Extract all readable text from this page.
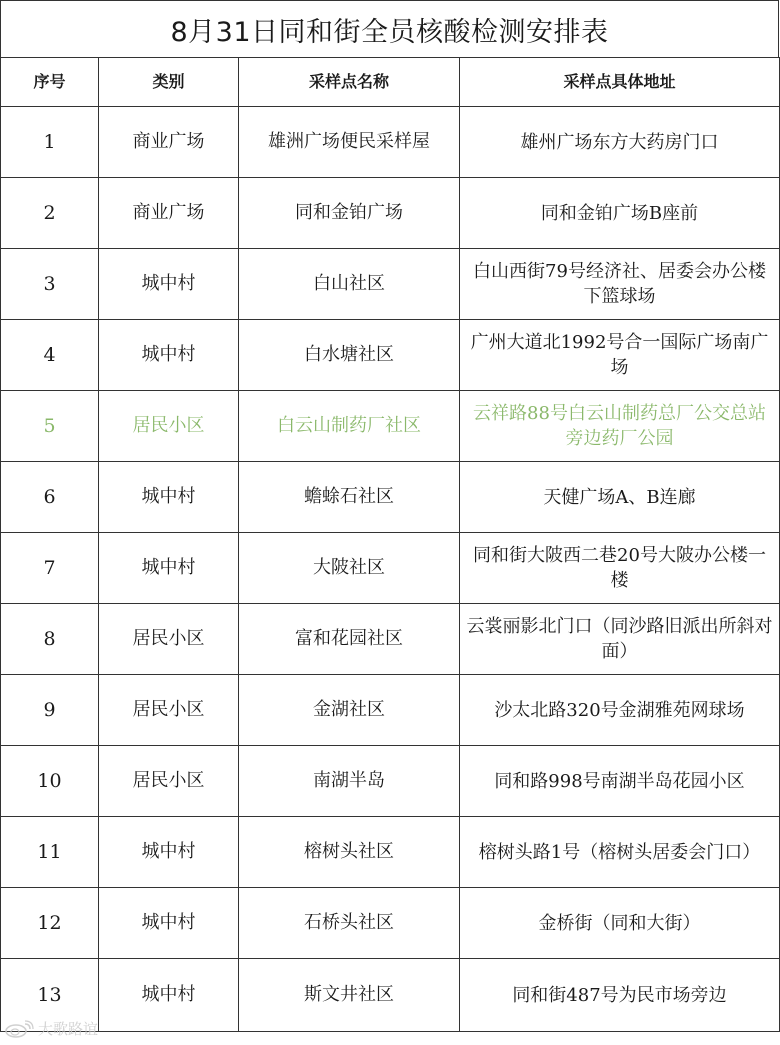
8月31日同和街全员核酸检测安排表
序号	类别	采样点名称	采样点具体地址
1	商业广场	雄洲广场便民采样屋	雄州广场东方大药房门口
2	商业广场	同和金铂广场	同和金铂广场B座前
3	城中村	白山社区	白山西街79号经济社、居委会办公楼下篮球场
4	城中村	白水塘社区	广州大道北1992号合一国际广场南广场
5	居民小区	白云山制药厂社区	云祥路88号白云山制药总厂公交总站旁边药厂公园
6	城中村	蟾蜍石社区	天健广场A、B连廊
7	城中村	大陂社区	同和街大陂西二巷20号大陂办公楼一楼
8	居民小区	富和花园社区	云裳丽影北门口（同沙路旧派出所斜对面）
9	居民小区	金湖社区	沙太北路320号金湖雅苑网球场
10	居民小区	南湖半岛	同和路998号南湖半岛花园小区
11	城中村	榕树头社区	榕树头路1号（榕树头居委会门口）
12	城中村	石桥头社区	金桥街（同和大街）
13	城中村	斯文井社区	同和街487号为民市场旁边
大歌路谊
